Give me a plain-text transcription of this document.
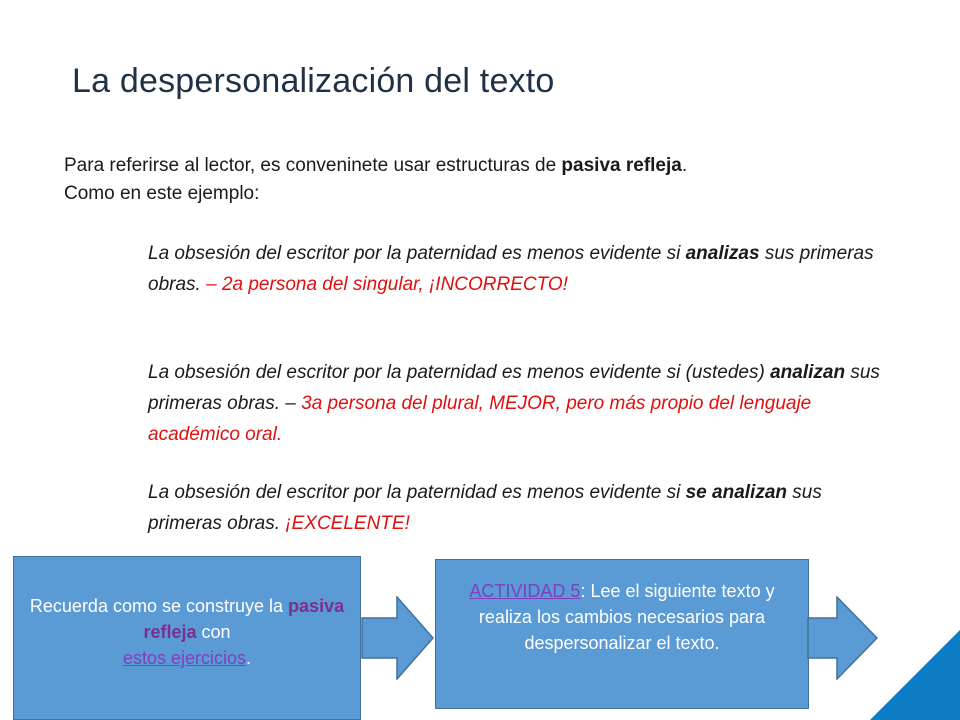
La despersonalización del texto
Para referirse al lector, es conveninete usar estructuras de pasiva refleja.
Como en este ejemplo:
La obsesión del escritor por la paternidad es menos evidente si analizas sus primeras obras. – 2a persona del singular, ¡INCORRECTO!
La obsesión del escritor por la paternidad es menos evidente si (ustedes) analizan sus primeras obras. – 3a persona del plural, MEJOR, pero más propio del lenguaje académico oral.
La obsesión del escritor por la paternidad es menos evidente si se analizan sus primeras obras. ¡EXCELENTE!
Recuerda como se construye la pasiva refleja con
estos ejercicios.
ACTIVIDAD 5: Lee el siguiente texto y realiza los cambios necesarios para despersonalizar el texto.
